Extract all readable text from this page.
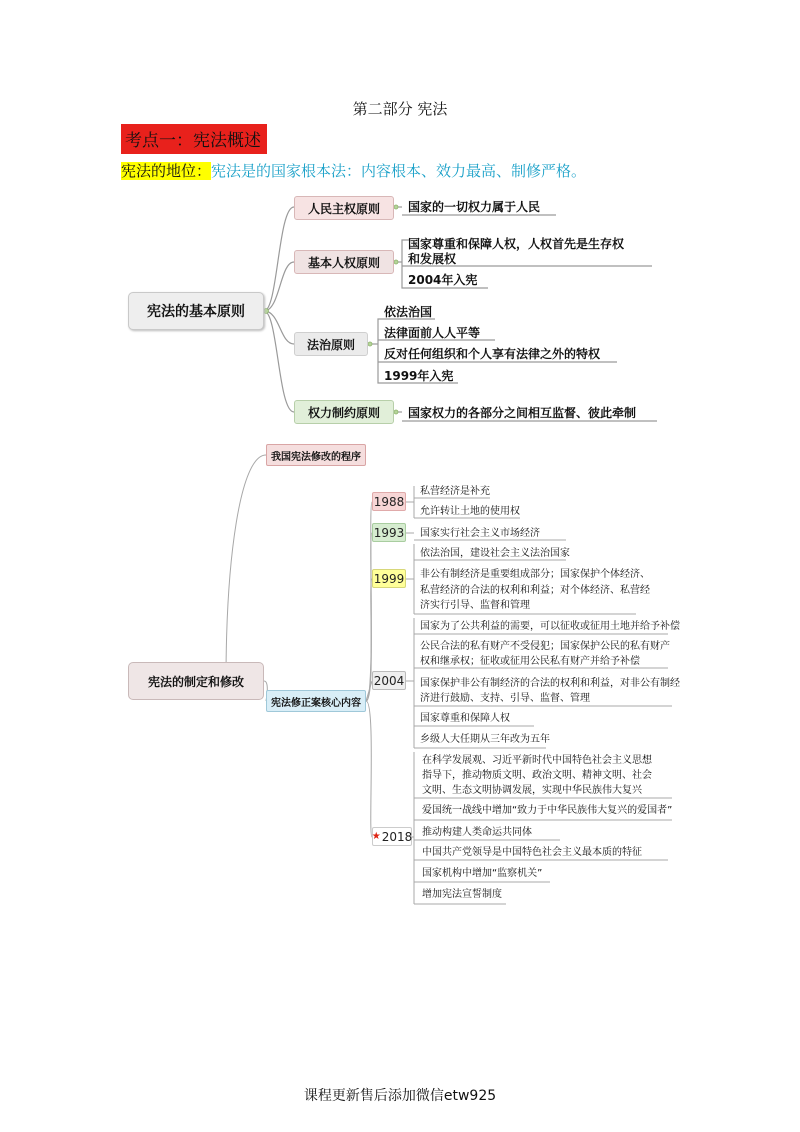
第二部分 宪法
考点一：宪法概述
宪法的地位：宪法是的国家根本法：内容根本、效力最高、制修严格。
宪法的基本原则
人民主权原则
基本人权原则
法治原则
权力制约原则
国家的一切权力属于人民
国家尊重和保障人权，人权首先是生存权
和发展权
2004年入宪
依法治国
法律面前人人平等
反对任何组织和个人享有法律之外的特权
1999年入宪
国家权力的各部分之间相互监督、彼此牵制
宪法的制定和修改
我国宪法修改的程序
宪法修正案核心内容
1988
1993
1999
2004
★ 2018
私营经济是补充
允许转让土地的使用权
国家实行社会主义市场经济
依法治国，建设社会主义法治国家
非公有制经济是重要组成部分；国家保护个体经济、
私营经济的合法的权利和利益；对个体经济、私营经
济实行引导、监督和管理
国家为了公共利益的需要，可以征收或征用土地并给予补偿
公民合法的私有财产不受侵犯；国家保护公民的私有财产
权和继承权；征收或征用公民私有财产并给予补偿
国家保护非公有制经济的合法的权利和利益，对非公有制经
济进行鼓励、支持、引导、监督、管理
国家尊重和保障人权
乡级人大任期从三年改为五年
在科学发展观、习近平新时代中国特色社会主义思想
指导下，推动物质文明、政治文明、精神文明、社会
文明、生态文明协调发展，实现中华民族伟大复兴
爱国统一战线中增加“致力于中华民族伟大复兴的爱国者”
推动构建人类命运共同体
中国共产党领导是中国特色社会主义最本质的特征
国家机构中增加“监察机关”
增加宪法宣誓制度
课程更新售后添加微信etw925
